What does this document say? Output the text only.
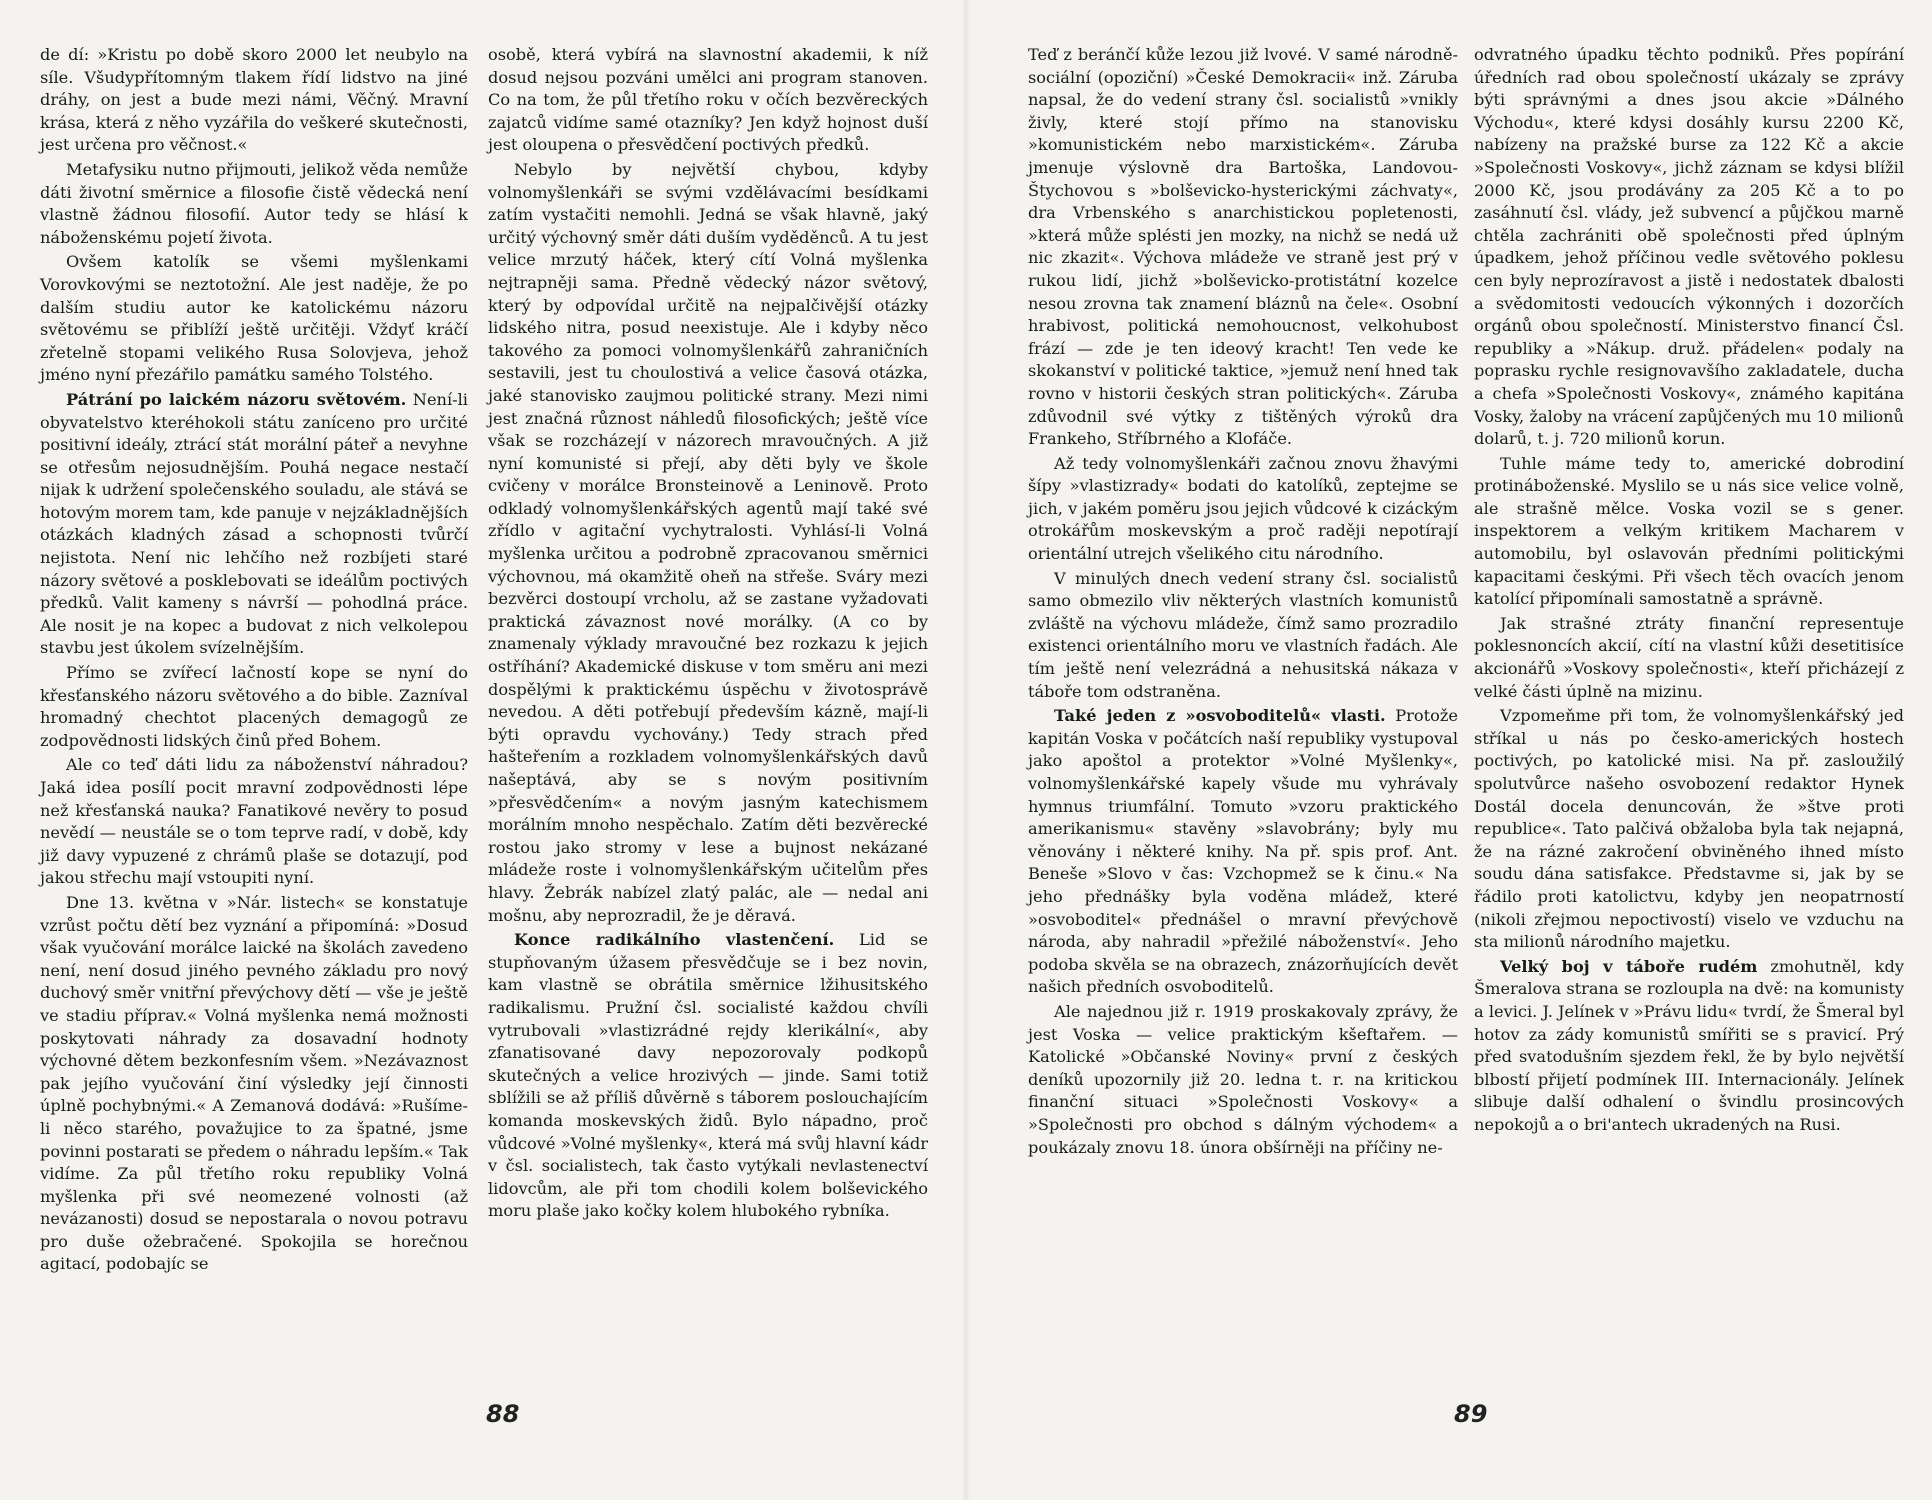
de dí: »Kristu po době skoro 2000 let neubylo na síle. Všudypřítomným tlakem řídí lidstvo na jiné dráhy, on jest a bude mezi námi, Věčný. Mravní krása, která z něho vyzářila do veškeré skutečnosti, jest určena pro věčnost.«

Metafysiku nutno přijmouti, jelikož věda nemůže dáti životní směrnice a filosofie čistě vědecká není vlastně žádnou filosofií. Autor tedy se hlásí k náboženskému pojetí života.

Ovšem katolík se všemi myšlenkami Vorovkovými se neztotožní. Ale jest naděje, že po dalším studiu autor ke katolickému názoru světovému se přiblíží ještě určitěji. Vždyť kráčí zřetelně stopami velikého Rusa Solovjeva, jehož jméno nyní přezářilo památku samého Tolstého.

Pátrání po laickém názoru světovém. Není-li obyvatelstvo kteréhokoli státu zaníceno pro určité positivní ideály, ztrácí stát morální páteř a nevyhne se otřesům nejosudnějším. Pouhá negace nestačí nijak k udržení společenského souladu, ale stává se hotovým morem tam, kde panuje v nejzákladnějších otázkách kladných zásad a schopnosti tvůrčí nejistota. Není nic lehčího než rozbíjeti staré názory světové a posklebovati se ideálům poctivých předků. Valit kameny s návrší — pohodlná práce. Ale nosit je na kopec a budovat z nich velkolepou stavbu jest úkolem svízelnějším.

Přímo se zvířecí lačností kope se nyní do křesťanského názoru světového a do bible. Zazníval hromadný chechtot placených demagogů ze zodpovědnosti lidských činů před Bohem.

Ale co teď dáti lidu za náboženství náhradou? Jaká idea posílí pocit mravní zodpovědnosti lépe než křesťanská nauka? Fanatikové nevěry to posud nevědí — neustále se o tom teprve radí, v době, kdy již davy vypuzené z chrámů plaše se dotazují, pod jakou střechu mají vstoupiti nyní.

Dne 13. května v »Nár. listech« se konstatuje vzrůst počtu dětí bez vyznání a připomíná: »Dosud však vyučování morálce laické na školách zavedeno není, není dosud jiného pevného základu pro nový duchový směr vnitřní převýchovy dětí — vše je ještě ve stadiu příprav.« Volná myšlenka nemá možnosti poskytovati náhrady za dosavadní hodnoty výchovné dětem bezkonfesním všem. »Nezávaznost pak jejího vyučování činí výsledky její činnosti úplně pochybnými.« A Zemanová dodává: »Rušíme-li něco starého, považujice to za špatné, jsme povinni postarati se předem o náhradu lepším.« Tak vidíme. Za půl třetího roku republiky Volná myšlenka při své neomezené volnosti (až nevázanosti) dosud se nepostarala o novou potravu pro duše ožebračené. Spokojila se horečnou agitací, podobajíc se

osobě, která vybírá na slavnostní akademii, k níž dosud nejsou pozváni umělci ani program stanoven. Co na tom, že půl třetího roku v očích bezvěreckých zajatců vidíme samé otazníky? Jen když hojnost duší jest oloupena o přesvědčení poctivých předků.

Nebylo by největší chybou, kdyby volnomyšlenkáři se svými vzdělávacími besídkami zatím vystačiti nemohli. Jedná se však hlavně, jaký určitý výchovný směr dáti duším vyděděnců. A tu jest velice mrzutý háček, který cítí Volná myšlenka nejtrapněji sama. Předně vědecký názor světový, který by odpovídal určitě na nejpalčivější otázky lidského nitra, posud neexistuje. Ale i kdyby něco takového za pomoci volnomyšlenkářů zahraničních sestavili, jest tu choulostivá a velice časová otázka, jaké stanovisko zaujmou politické strany. Mezi nimi jest značná různost náhledů filosofických; ještě více však se rozcházejí v názorech mravoučných. A již nyní komunisté si přejí, aby děti byly ve škole cvičeny v morálce Bronsteinově a Leninově. Proto odkladý volnomyšlenkářských agentů mají také své zřídlo v agitační vychytralosti. Vyhlásí-li Volná myšlenka určitou a podrobně zpracovanou směrnici výchovnou, má okamžitě oheň na střeše. Sváry mezi bezvěrci dostoupí vrcholu, až se zastane vyžadovati praktická závaznost nové morálky. (A co by znamenaly výklady mravoučné bez rozkazu k jejich ostříhání? Akademické diskuse v tom směru ani mezi dospělými k praktickému úspěchu v životosprávě nevedou. A děti potřebují především kázně, mají-li býti opravdu vychovány.) Tedy strach před hašteřením a rozkladem volnomyšlenkářských davů našeptává, aby se s novým positivním »přesvědčením« a novým jasným katechismem morálním mnoho nespěchalo. Zatím děti bezvěrecké rostou jako stromy v lese a bujnost nekázané mládeže roste i volnomyšlenkářským učitelům přes hlavy. Žebrák nabízel zlatý palác, ale — nedal ani mošnu, aby neprozradil, že je děravá.

Konce radikálního vlastenčení. Lid se stupňovaným úžasem přesvědčuje se i bez novin, kam vlastně se obrátila směrnice lžihusitského radikalismu. Pružní čsl. socialisté každou chvíli vytrubovali »vlastizrádné rejdy klerikální«, aby zfanatisované davy nepozorovaly podkopů skutečných a velice hrozivých — jinde. Sami totiž sblížili se až příliš důvěrně s táborem poslouchajícím komanda moskevských židů. Bylo nápadno, proč vůdcové »Volné myšlenky«, která má svůj hlavní kádr v čsl. socialistech, tak často vytýkali nevlastenectví lidovcům, ale při tom chodili kolem bolševického moru plaše jako kočky kolem hlubokého rybníka.

88

Teď z beránčí kůže lezou již lvové. V samé národně-sociální (opoziční) »České Demokracii« inž. Záruba napsal, že do vedení strany čsl. socialistů »vnikly živly, které stojí přímo na stanovisku »komunistickém nebo marxistickém«. Záruba jmenuje výslovně dra Bartoška, Landovou-Štychovou s »bolševicko-hysterickými záchvaty«, dra Vrbenského s anarchistickou popletenosti, »která může splésti jen mozky, na nichž se nedá už nic zkazit«. Výchova mládeže ve straně jest prý v rukou lidí, jichž »bolševicko-protistátní kozelce nesou zrovna tak znamení bláznů na čele«. Osobní hrabivost, politická nemohoucnost, velkohubost frází — zde je ten ideový kracht! Ten vede ke skokanství v politické taktice, »jemuž není hned tak rovno v historii českých stran politických«. Záruba zdůvodnil své výtky z tištěných výroků dra Frankeho, Stříbrného a Klofáče.

Až tedy volnomyšlenkáři začnou znovu žhavými šípy »vlastizrady« bodati do katolíků, zeptejme se jich, v jakém poměru jsou jejich vůdcové k cizáckým otrokářům moskevským a proč raději nepotírají orientální utrejch všelikého citu národního.

V minulých dnech vedení strany čsl. socialistů samo obmezilo vliv některých vlastních komunistů zvláště na výchovu mládeže, čímž samo prozradilo existenci orientálního moru ve vlastních řadách. Ale tím ještě není velezrádná a nehusitská nákaza v táboře tom odstraněna.

Také jeden z »osvoboditelů« vlasti. Protože kapitán Voska v počátcích naší republiky vystupoval jako apoštol a protektor »Volné Myšlenky«, volnomyšlenkářské kapely všude mu vyhrávaly hymnus triumfální. Tomuto »vzoru praktického amerikanismu« stavěny »slavobrány; byly mu věnovány i některé knihy. Na př. spis prof. Ant. Beneše »Slovo v čas: Vzchopmež se k činu.« Na jeho přednášky byla voděna mládež, které »osvoboditel« přednášel o mravní převýchově národa, aby nahradil »přežilé náboženství«. Jeho podoba skvěla se na obrazech, znázorňujících devět našich předních osvoboditelů.

Ale najednou již r. 1919 proskakovaly zprávy, že jest Voska — velice praktickým kšeftařem. — Katolické »Občanské Noviny« první z českých deníků upozornily již 20. ledna t. r. na kritickou finanční situaci »Společnosti Voskovy« a »Společnosti pro obchod s dálným východem« a poukázaly znovu 18. února obšírněji na příčiny ne-

odvratného úpadku těchto podniků. Přes popírání úředních rad obou společností ukázaly se zprávy býti správnými a dnes jsou akcie »Dálného Východu«, které kdysi dosáhly kursu 2200 Kč, nabízeny na pražské burse za 122 Kč a akcie »Společnosti Voskovy«, jichž záznam se kdysi blížil 2000 Kč, jsou prodávány za 205 Kč a to po zasáhnutí čsl. vlády, jež subvencí a půjčkou marně chtěla zachrániti obě společnosti před úplným úpadkem, jehož příčinou vedle světového poklesu cen byly neprozíravost a jistě i nedostatek dbalosti a svědomitosti vedoucích výkonných i dozorčích orgánů obou společností. Ministerstvo financí Čsl. republiky a »Nákup. druž. přádelen« podaly na poprasku rychle resignovavšího zakladatele, ducha a chefa »Společnosti Voskovy«, známého kapitána Vosky, žaloby na vrácení zapůjčených mu 10 milionů dolarů, t. j. 720 milionů korun.

Tuhle máme tedy to, americké dobrodiní protináboženské. Myslilo se u nás sice velice volně, ale strašně mělce. Voska vozil se s gener. inspektorem a velkým kritikem Macharem v automobilu, byl oslavován předními politickými kapacitami českými. Při všech těch ovacích jenom katolící připomínali samostatně a správně.

Jak strašné ztráty finanční representuje poklesnoncích akcií, cítí na vlastní kůži desetitisíce akcionářů »Voskovy společnosti«, kteří přicházejí z velké části úplně na mizinu.

Vzpomeňme při tom, že volnomyšlenkářský jed stříkal u nás po česko-amerických hostech poctivých, po katolické misi. Na př. zasloužilý spolutvůrce našeho osvobození redaktor Hynek Dostál docela denuncován, že »štve proti republice«. Tato palčivá obžaloba byla tak nejapná, že na rázné zakročení obviněného ihned místo soudu dána satisfakce. Představme si, jak by se řádilo proti katolictvu, kdyby jen neopatrností (nikoli zřejmou nepoctivostí) viselo ve vzduchu na sta milionů národního majetku.

Velký boj v táboře rudém zmohutněl, kdy Šmeralova strana se rozloupla na dvě: na komunisty a levici. J. Jelínek v »Právu lidu« tvrdí, že Šmeral byl hotov za zády komunistů smířiti se s pravicí. Prý před svatodušním sjezdem řekl, že by bylo největší blbostí přijetí podmínek III. Internacionály. Jelínek slibuje další odhalení o švindlu prosincových nepokojů a o bri'antech ukradených na Rusi.

89
